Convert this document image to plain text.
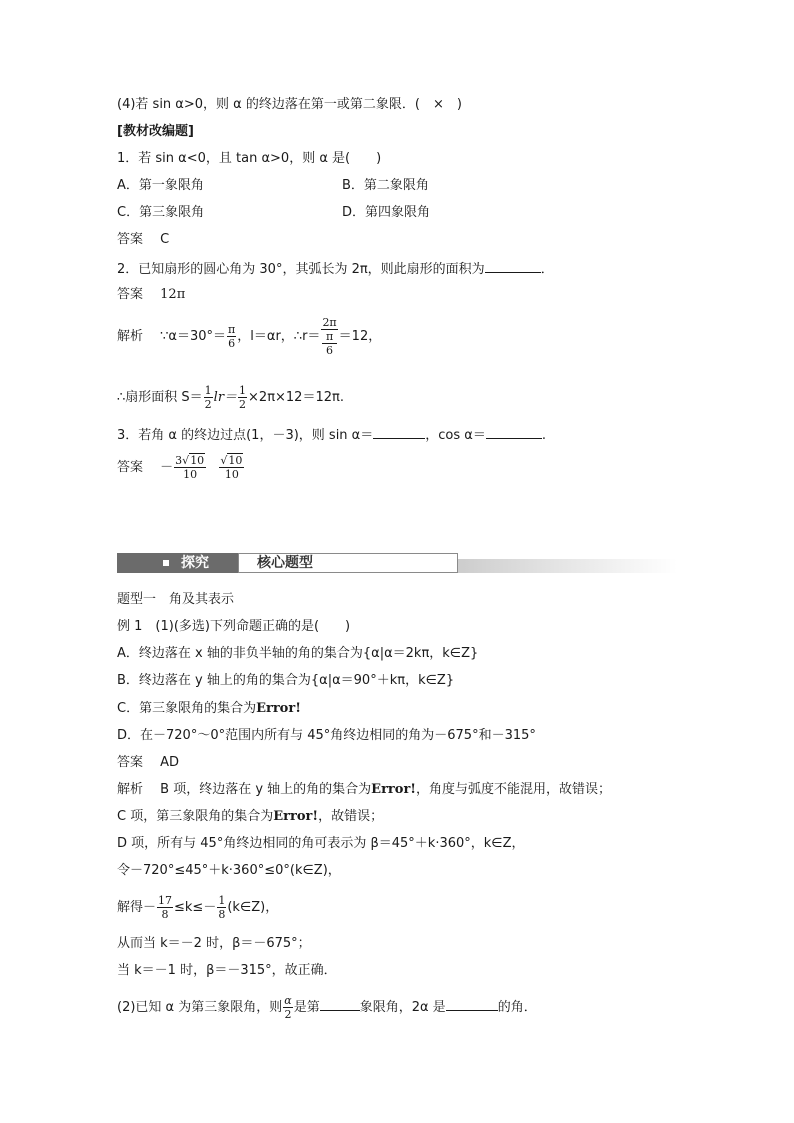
(4)若 sin α>0，则 α 的终边落在第一或第二象限．(　×　)
[教材改编题]
1．若 sin α<0，且 tan α>0，则 α 是(　　)
A．第一象限角	B．第二象限角
C．第三象限角	D．第四象限角
答案　 C
2．已知扇形的圆心角为 30°，其弧长为 2π，则此扇形的面积为	．
答案　 12π
解析　 ∵α＝30°＝ $\frac{\pi}{6}$ ，l＝αr，∴r＝ 2π
π
6 ＝12，
∴扇形面积 $S= \frac{1}{2} lr= \frac{1}{2} \times 2\pi\times 12=12\pi$.
3．若角 α 的终边过点(1，－3)，则 sin α＝	，cos α＝	.
答案　 － $\frac{3√10}{10}$
$\frac{√10}{10}$
探究	核心题型
题型一　角及其表示
例 1　(1)(多选)下列命题正确的是(　　)
A．终边落在 x 轴的非负半轴的角的集合为{α|α＝2kπ，k∈Z}
B．终边落在 y 轴上的角的集合为{α|α＝90°＋kπ，k∈Z}
C．第三象限角的集合为Error!
D．在－720°～0°范围内所有与 45°角终边相同的角为－675°和－315°
答案　 AD
解析　 B 项，终边落在 y 轴上的角的集合为Error!，角度与弧度不能混用，故错误；
C 项，第三象限角的集合为Error!，故错误；
D 项，所有与 45°角终边相同的角可表示为 β＝45°＋k·360°，k∈Z，
令－720°≤45°＋k·360°≤0°(k∈Z)，
解得－ $\frac{17}{8} \le k\le- \frac{1}{8}$ (k∈Z)，
从而当 k＝－2 时，β＝－675°；
当 k＝－1 时，β＝－315°，故正确．
(2)已知 α 为第三象限角，则 $\frac{\alpha}{2}$ 是第	象限角，2α 是	的角．
